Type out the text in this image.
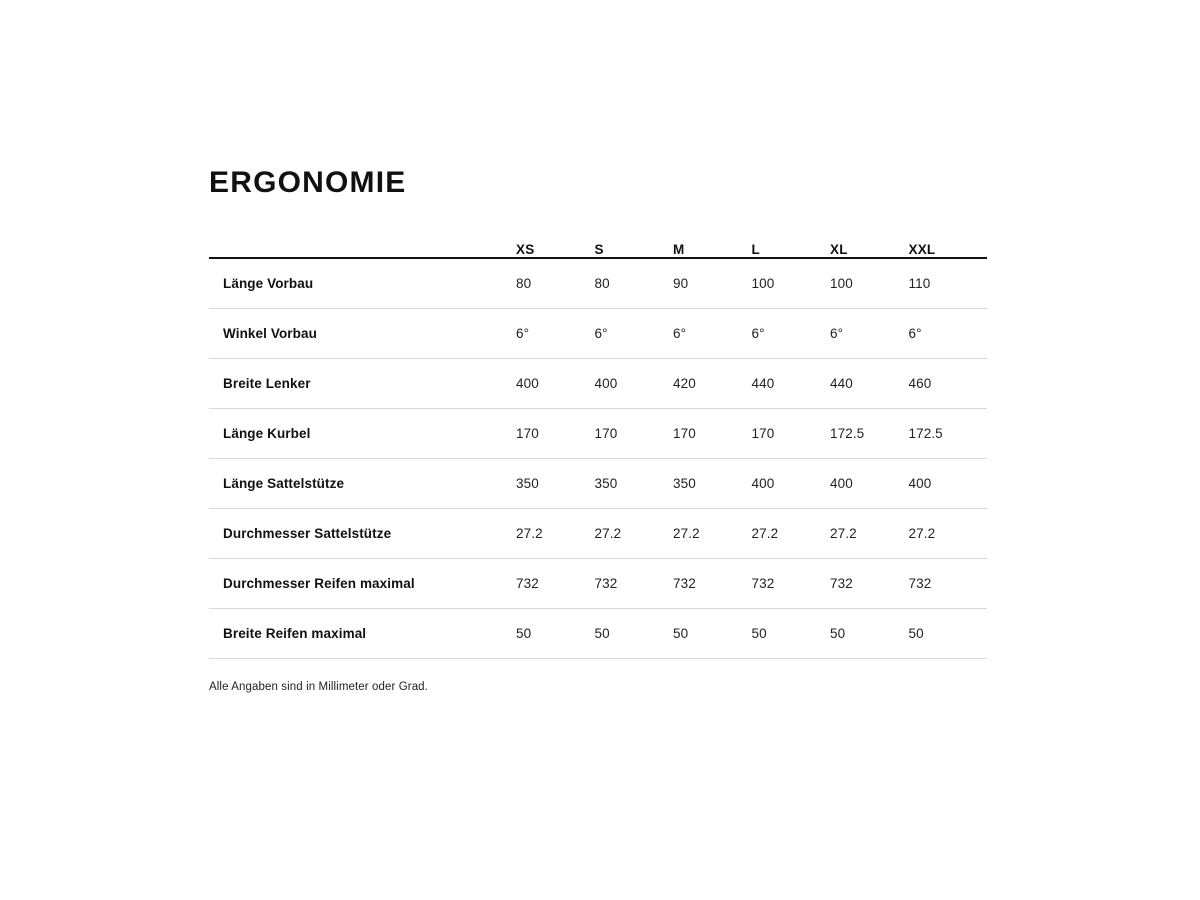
ERGONOMIE
	XS	S	M	L	XL	XXL
Länge Vorbau	80	80	90	100	100	110
Winkel Vorbau	6°	6°	6°	6°	6°	6°
Breite Lenker	400	400	420	440	440	460
Länge Kurbel	170	170	170	170	172.5	172.5
Länge Sattelstütze	350	350	350	400	400	400
Durchmesser Sattelstütze	27.2	27.2	27.2	27.2	27.2	27.2
Durchmesser Reifen maximal	732	732	732	732	732	732
Breite Reifen maximal	50	50	50	50	50	50
Alle Angaben sind in Millimeter oder Grad.
